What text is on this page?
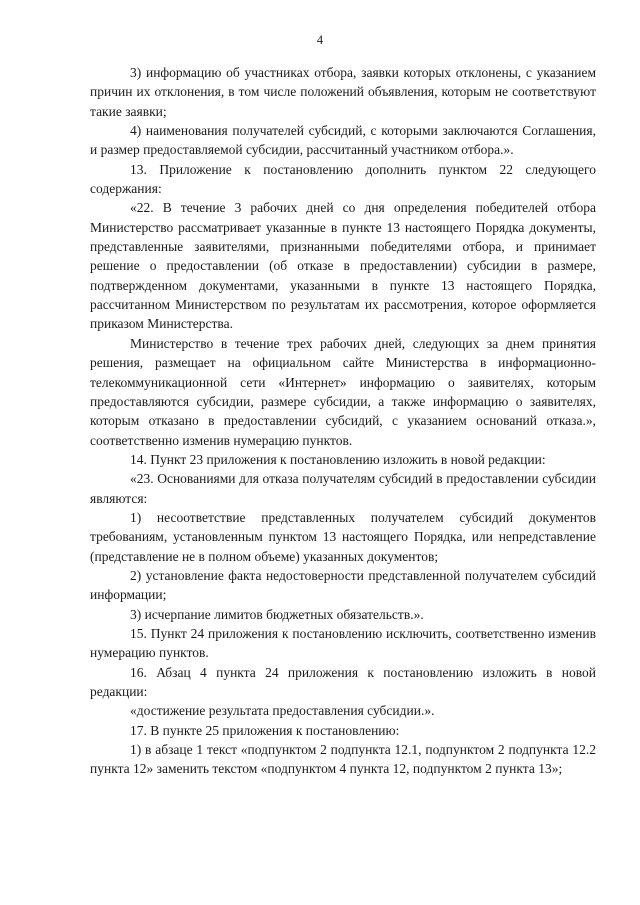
4

3) информацию об участниках отбора, заявки которых отклонены, с указанием причин их отклонения, в том числе положений объявления, которым не соответствуют такие заявки;

4) наименования получателей субсидий, с которыми заключаются Соглашения, и размер предоставляемой субсидии, рассчитанный участником отбора.».

13. Приложение к постановлению дополнить пунктом 22 следующего содержания:

«22. В течение 3 рабочих дней со дня определения победителей отбора Министерство рассматривает указанные в пункте 13 настоящего Порядка документы, представленные заявителями, признанными победителями отбора, и принимает решение о предоставлении (об отказе в предоставлении) субсидии в размере, подтвержденном документами, указанными в пункте 13 настоящего Порядка, рассчитанном Министерством по результатам их рассмотрения, которое оформляется приказом Министерства.

Министерство в течение трех рабочих дней, следующих за днем принятия решения, размещает на официальном сайте Министерства в информационно-телекоммуникационной сети «Интернет» информацию о заявителях, которым предоставляются субсидии, размере субсидии, а также информацию о заявителях, которым отказано в предоставлении субсидий, с указанием оснований отказа.», соответственно изменив нумерацию пунктов.

14. Пункт 23 приложения к постановлению изложить в новой редакции:

«23. Основаниями для отказа получателям субсидий в предоставлении субсидии являются:

1) несоответствие представленных получателем субсидий документов требованиям, установленным пунктом 13 настоящего Порядка, или непредставление (представление не в полном объеме) указанных документов;

2) установление факта недостоверности представленной получателем субсидий информации;

3) исчерпание лимитов бюджетных обязательств.».

15. Пункт 24 приложения к постановлению исключить, соответственно изменив нумерацию пунктов.

16. Абзац 4 пункта 24 приложения к постановлению изложить в новой редакции:

«достижение результата предоставления субсидии.».

17. В пункте 25 приложения к постановлению:

1) в абзаце 1 текст «подпунктом 2 подпункта 12.1, подпунктом 2 подпункта 12.2 пункта 12» заменить текстом «подпунктом 4 пункта 12, подпунктом 2 пункта 13»;
